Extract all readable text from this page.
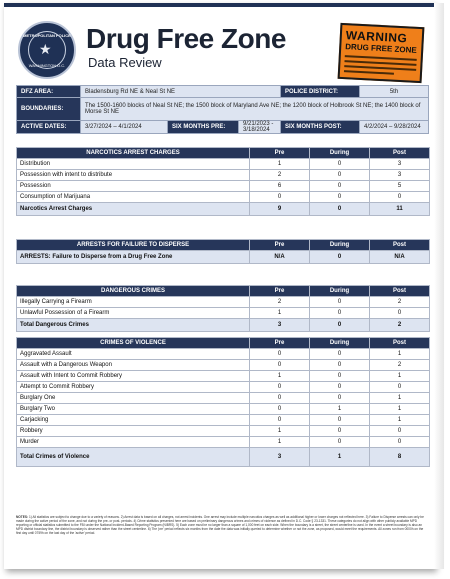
METROPOLITAN POLICE
★
WASHINGTON D.C.
Drug Free Zone
Data Review
WARNING
DRUG FREE ZONE
DFZ AREA:	Bladensburg Rd NE & Neal St NE			POLICE DISTRICT:	5th
BOUNDARIES:	The 1500-1600 blocks of Neal St NE; the 1500 block of Maryland Ave NE; the 1200 block of Holbrook St NE; the 1400 block of Morse St NE				
ACTIVE DATES:	3/27/2024 – 4/1/2024	SIX MONTHS PRE:	9/21/2023 - 3/18/2024	SIX MONTHS POST:	4/2/2024 – 9/28/2024
NARCOTICS ARREST CHARGES	Pre	During	Post
Distribution	1	0	3
Possession with intent to distribute	2	0	3
Possession	6	0	5
Consumption of Marijuana	0	0	0
Narcotics Arrest Charges	9	0	11
ARRESTS FOR FAILURE TO DISPERSE	Pre	During	Post
ARRESTS: Failure to Disperse from a Drug Free Zone	N/A	0	N/A
DANGEROUS CRIMES	Pre	During	Post
Illegally Carrying a Firearm	2	0	2
Unlawful Possession of a Firearm	1	0	0
Total Dangerous Crimes	3	0	2
CRIMES OF VIOLENCE	Pre	During	Post
Aggravated Assault	0	0	1
Assault with a Dangerous Weapon	0	0	2
Assault with Intent to Commit Robbery	1	0	1
Attempt to Commit Robbery	0	0	0
Burglary One	0	0	1
Burglary Two	0	1	1
Carjacking	0	0	1
Robbery	1	0	0
Murder	1	0	0
Total Crimes of Violence	3	1	8
NOTES: 1) All statistics are subject to change due to a variety of reasons. 2) Arrest data is based on all charges, not arrest incidents. One arrest may include multiple narcotics charges as well as additional higher or lower charges not reflected here. 3) Failure to Disperse arrests can only be made during the active period of the zone, and not during the pre- or post- periods. 4) Crime statistics presented here are based on preliminary dangerous crimes and crimes of violence as defined in D.C. Code § 23-1331. These categories do not align with other publicly available MPD reporting or official statistics submitted to the FBI under the National Incident-Based Reporting Program (NIBRS). 5) Each zone must be no larger than a square of 1,000 feet on each side. When the boundary is a street, the street centerline is used. In the event a street boundary is also an MPD district boundary line, the district boundary is observed rather than the street centerline. 6) The 'pre' period reflects six months from the date the data was initially queried to determine whether or not the zone, as proposed, would meet the requirements. All zones run from 0000h on the first day until 0759h on the last day of the 'active' period.
